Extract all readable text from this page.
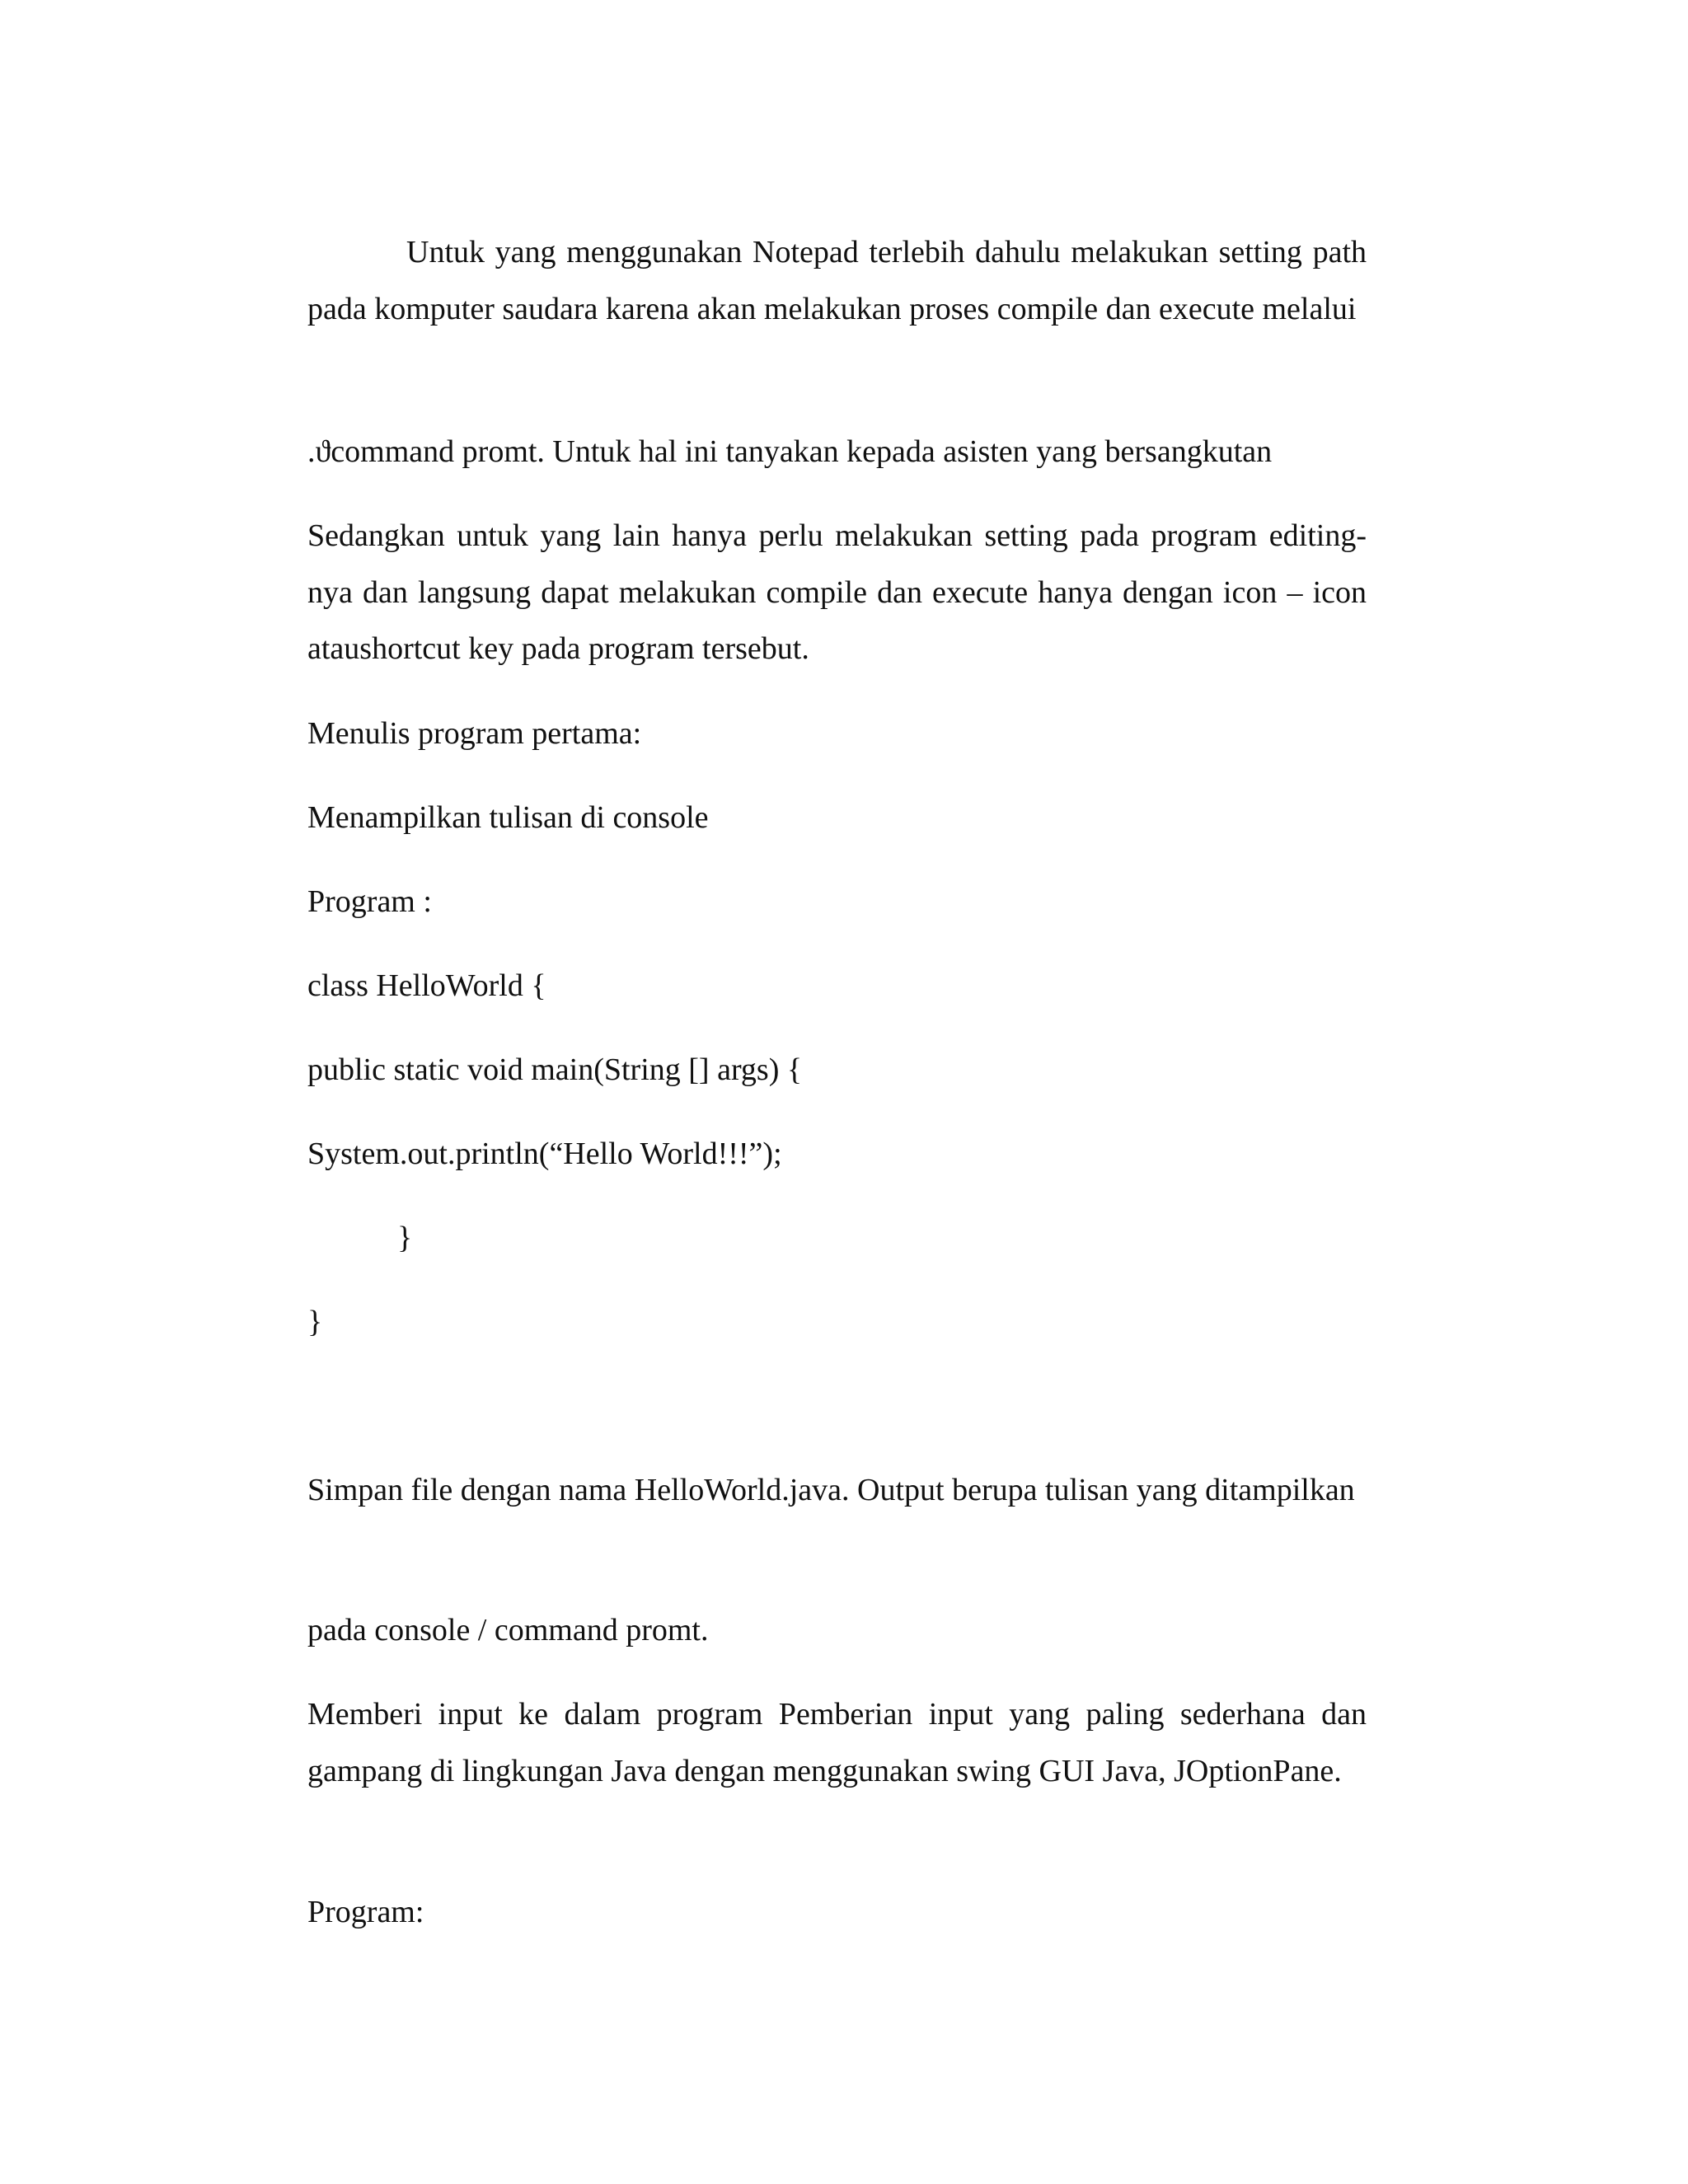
Untuk yang menggunakan Notepad terlebih dahulu melakukan setting path pada komputer saudara karena akan melakukan proses compile dan execute melalui

.ϑcommand promt. Untuk hal ini tanyakan kepada asisten yang bersangkutan

Sedangkan untuk yang lain hanya perlu melakukan setting pada program editing-nya dan langsung dapat melakukan compile dan execute hanya dengan icon – icon ataushortcut key pada program tersebut.

Menulis program pertama:

Menampilkan tulisan di console

Program :

class HelloWorld {

public static void main(String [] args) {

System.out.println(“Hello World!!!”);

}

}

Simpan file dengan nama HelloWorld.java. Output berupa tulisan yang ditampilkan

pada console / command promt.

Memberi input ke dalam program Pemberian input yang paling sederhana dan gampang di lingkungan Java dengan menggunakan swing GUI Java, JOptionPane.

Program:
